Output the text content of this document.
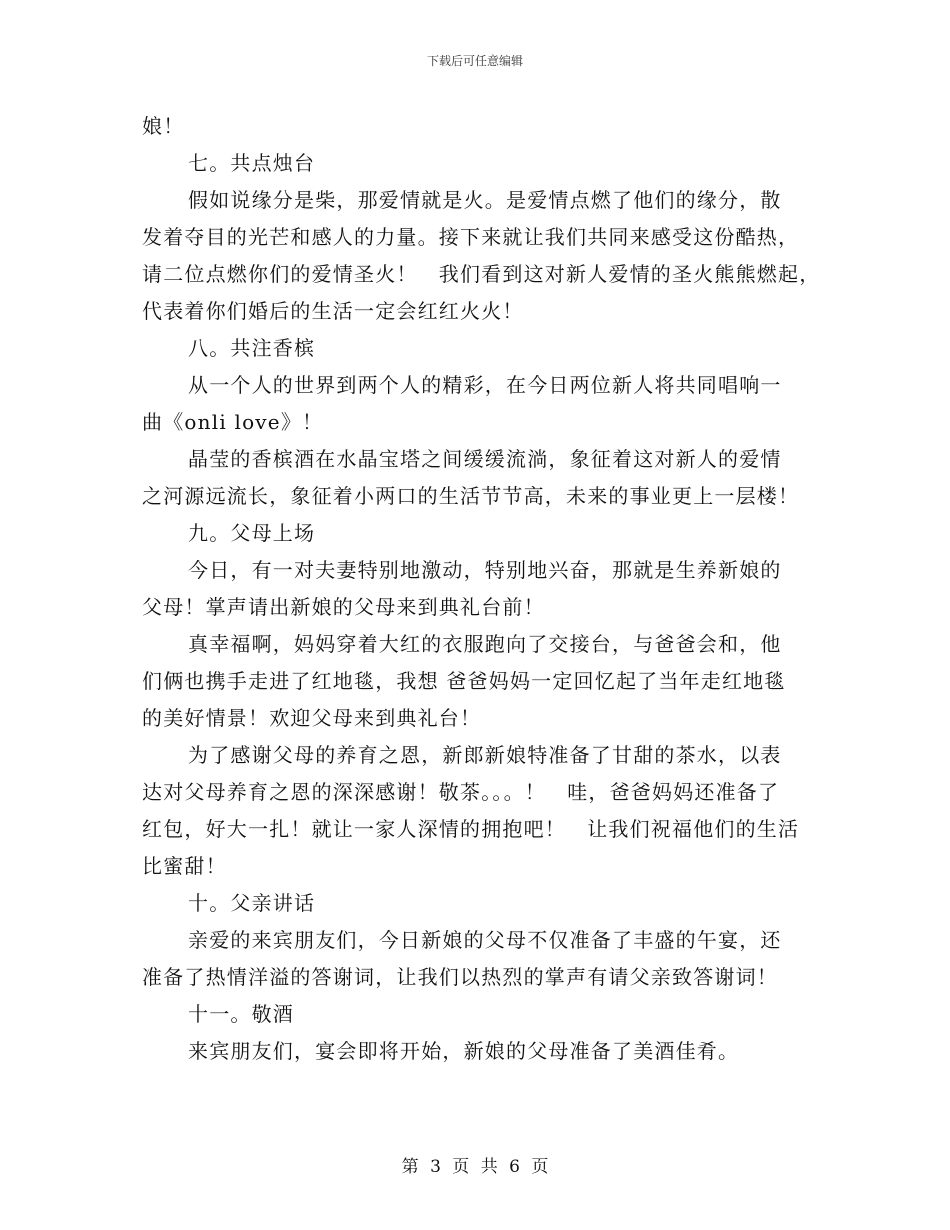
下载后可任意编辑
娘！
七。共点烛台
假如说缘分是柴，那爱情就是火。是爱情点燃了他们的缘分，散
发着夺目的光芒和感人的力量。接下来就让我们共同来感受这份酷热，
请二位点燃你们的爱情圣火！　我们看到这对新人爱情的圣火熊熊燃起，
代表着你们婚后的生活一定会红红火火！
八。共注香槟
从一个人的世界到两个人的精彩，在今日两位新人将共同唱响一
曲《onli love》！
晶莹的香槟酒在水晶宝塔之间缓缓流淌，象征着这对新人的爱情
之河源远流长，象征着小两口的生活节节高，未来的事业更上一层楼！
九。父母上场
今日，有一对夫妻特别地激动，特别地兴奋，那就是生养新娘的
父母！掌声请出新娘的父母来到典礼台前！
真幸福啊，妈妈穿着大红的衣服跑向了交接台，与爸爸会和，他
们俩也携手走进了红地毯，我想 爸爸妈妈一定回忆起了当年走红地毯
的美好情景！欢迎父母来到典礼台！
为了感谢父母的养育之恩，新郎新娘特准备了甘甜的茶水，以表
达对父母养育之恩的深深感谢！敬茶。。。！　哇，爸爸妈妈还准备了
红包，好大一扎！就让一家人深情的拥抱吧！　让我们祝福他们的生活
比蜜甜！
十。父亲讲话
亲爱的来宾朋友们，今日新娘的父母不仅准备了丰盛的午宴，还
准备了热情洋溢的答谢词，让我们以热烈的掌声有请父亲致答谢词！
十一。敬酒
来宾朋友们，宴会即将开始，新娘的父母准备了美酒佳肴。
第 3 页 共 6 页
